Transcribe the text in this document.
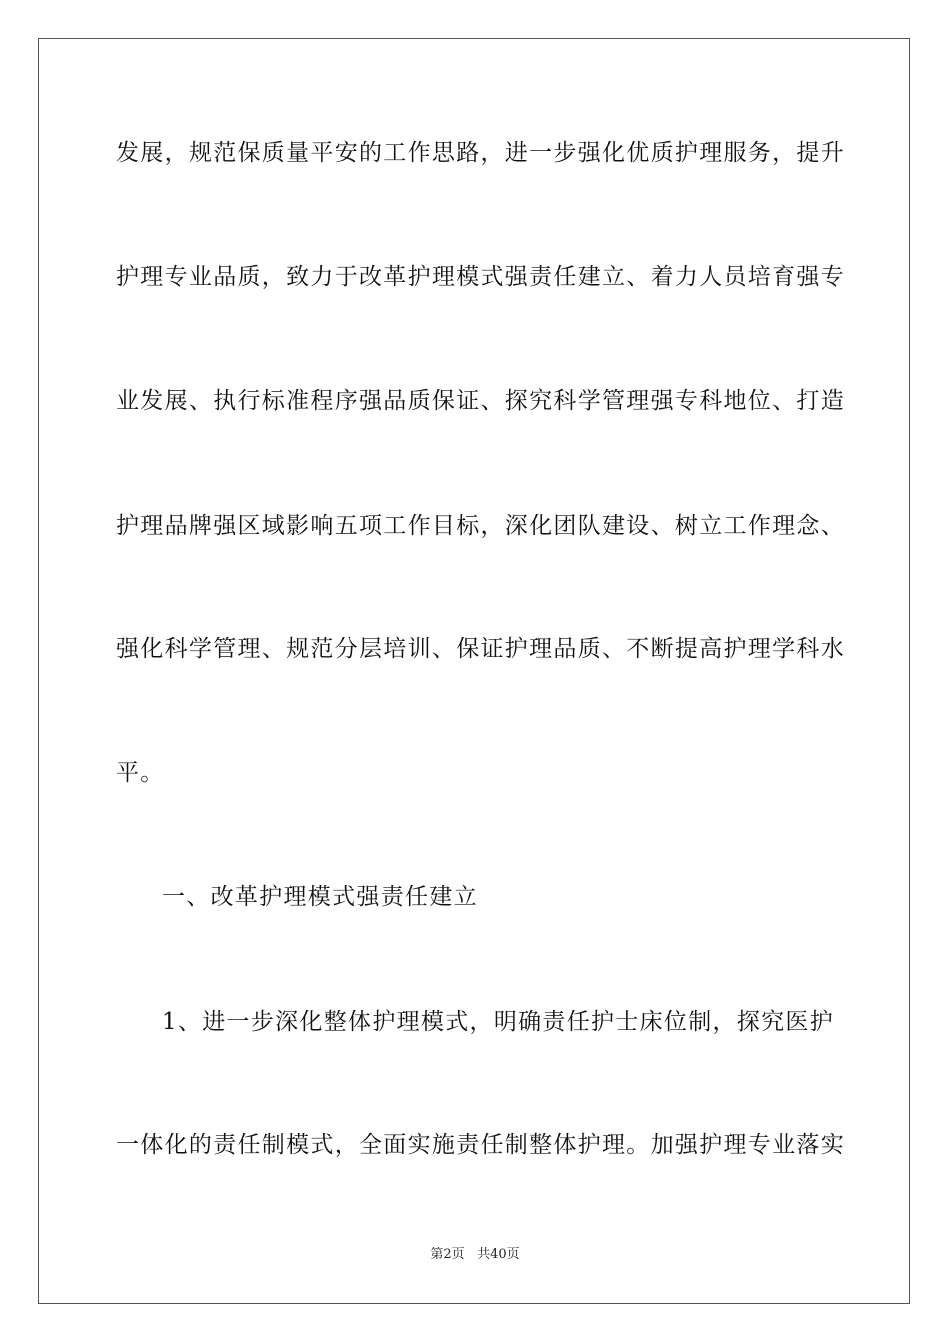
发展，规范保质量平安的工作思路，进一步强化优质护理服务，提升
护理专业品质，致力于改革护理模式强责任建立、着力人员培育强专
业发展、执行标准程序强品质保证、探究科学管理强专科地位、打造
护理品牌强区域影响五项工作目标，深化团队建设、树立工作理念、
强化科学管理、规范分层培训、保证护理品质、不断提高护理学科水
平。
一、改革护理模式强责任建立
1、进一步深化整体护理模式，明确责任护士床位制，探究医护
一体化的责任制模式，全面实施责任制整体护理。加强护理专业落实
第2页 共40页
